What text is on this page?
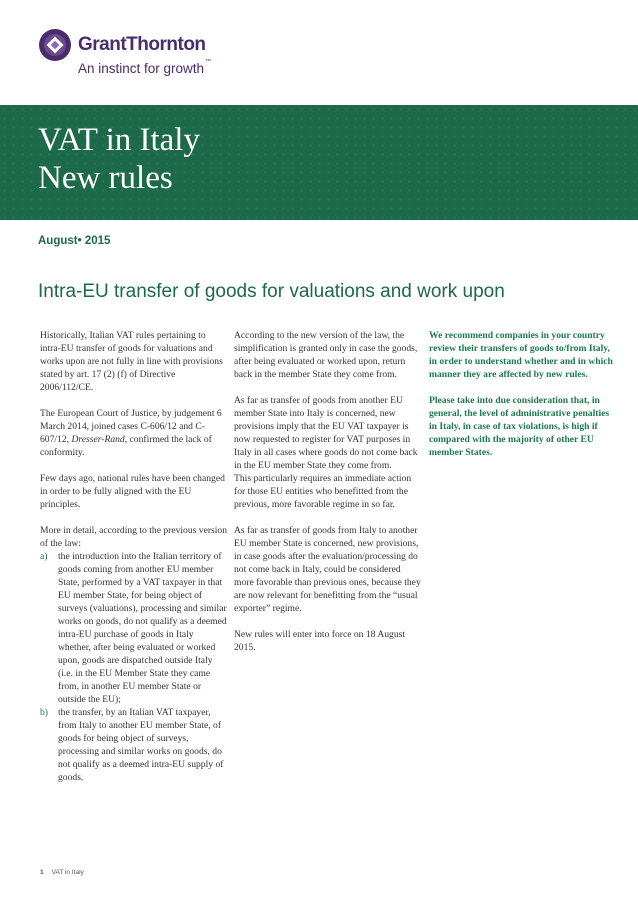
GrantThornton
An instinct for growth ™
VAT in Italy
New rules
August• 2015
Intra-EU transfer of goods for valuations and work upon

Historically, Italian VAT rules pertaining to intra-EU transfer of goods for valuations and works upon are not fully in line with provisions stated by art. 17 (2) (f) of Directive 2006/112/CE.

The European Court of Justice, by judgement 6 March 2014, joined cases C-606/12 and C-607/12, Dresser-Rand, confirmed the lack of conformity.

Few days ago, national rules have been changed in order to be fully aligned with the EU principles.

More in detail, according to the previous version of the law:

a)	the introduction into the Italian territory of goods coming from another EU member State, performed by a VAT taxpayer in that EU member State, for being object of surveys (valuations), processing and similar works on goods, do not qualify as a deemed intra-EU purchase of goods in Italy whether, after being evaluated or worked upon, goods are dispatched outside Italy (i.e. in the EU Member State they came from, in another EU member State or outside the EU);
b)	the transfer, by an Italian VAT taxpayer, from Italy to another EU member State, of goods for being object of surveys, processing and similar works on goods, do not qualify as a deemed intra-EU supply of goods.

According to the new version of the law, the simplification is granted only in case the goods, after being evaluated or worked upon, return back in the member State they come from.

As far as transfer of goods from another EU member State into Italy is concerned, new provisions imply that the EU VAT taxpayer is now requested to register for VAT purposes in Italy in all cases where goods do not come back in the EU member State they come from.

This particularly requires an immediate action for those EU entities who benefitted from the previous, more favorable regime in so far.

As far as transfer of goods from Italy to another EU member State is concerned, new provisions, in case goods after the evaluation/processing do not come back in Italy, could be considered more favorable than previous ones, because they are now relevant for benefitting from the “usual exporter” regime.

New rules will enter into force on 18 August 2015.

We recommend companies in your country review their transfers of goods to/from Italy, in order to understand whether and in which manner they are affected by new rules.

Please take into due consideration that, in general, the level of administrative penalties in Italy, in case of tax violations, is high if compared with the majority of other EU member States.

1 VAT in Italy
